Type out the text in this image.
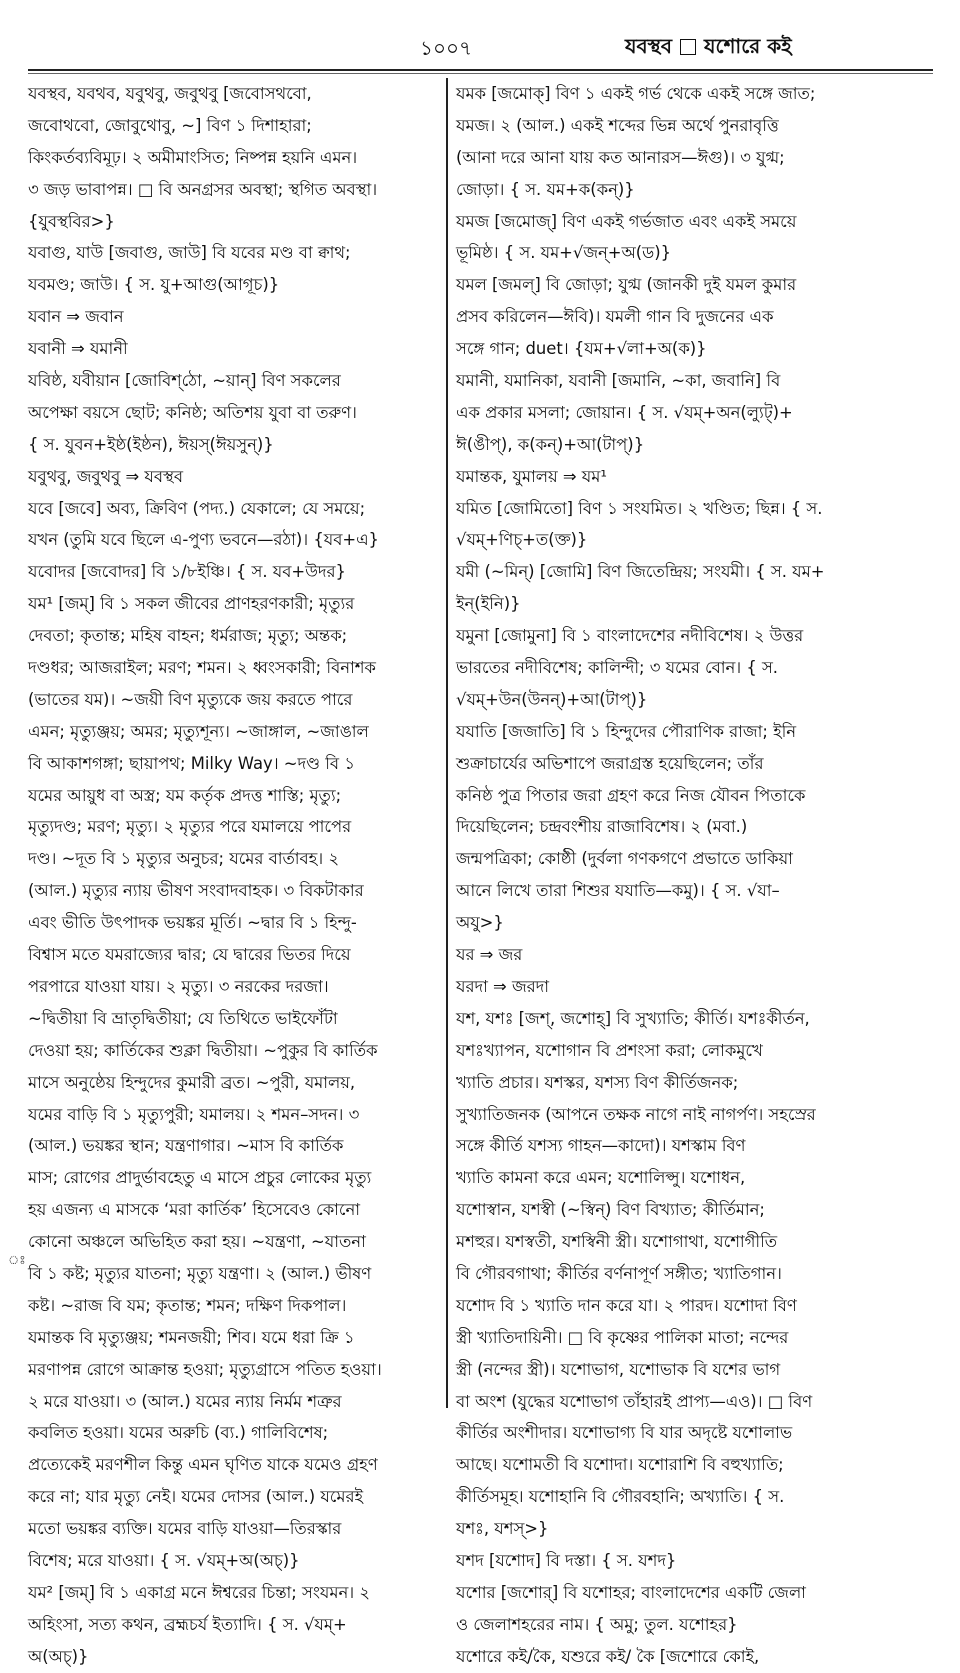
১০০৭	যবস্থব যশোরে কই
যবস্থব, যবথব, যবুথবু, জবুথবু [জবোসথবো,
জবোথবো, জোবুথোবু, ~] বিণ ১ দিশাহারা;
কিংকর্তব্যবিমূঢ়। ২ অমীমাংসিত; নিষ্পন্ন হয়নি এমন।
৩ জড় ভাবাপন্ন। □ বি অনগ্রসর অবস্থা; স্থগিত অবস্থা।
{যুবস্থবির>}
যবাগু, যাউ [জবাগু, জাউ] বি যবের মণ্ড বা ক্বাথ;
যবমণ্ড; জাউ। { স. যু+আগু(আগূচ)}
যবান ⇒ জবান
যবানী ⇒ যমানী
যবিষ্ঠ, যবীয়ান [জোবিশ্‌ঠো, ~য়ান্‌] বিণ সকলের
অপেক্ষা বয়সে ছোট; কনিষ্ঠ; অতিশয় যুবা বা তরুণ।
{ স. যুবন+ইষ্ঠ(ইষ্ঠন), ঈয়স্(ঈয়সুন্)}
যবুথবু, জবুথবু ⇒ যবস্থব
যবে [জবে] অব্য, ক্রিবিণ (পদ্য.) যেকালে; যে সময়ে;
যখন (তুমি যবে ছিলে এ-পুণ্য ভবনে—রঠা)। {যব+এ}
যবোদর [জবোদর] বি ১/৮ইঞ্চি। { স. যব+উদর}
যম¹ [জম্‌] বি ১ সকল জীবের প্রাণহরণকারী; মৃত্যুর
দেবতা; কৃতান্ত; মহিষ বাহন; ধর্মরাজ; মৃত্যু; অন্তক;
দণ্ডধর; আজরাইল; মরণ; শমন। ২ ধ্বংসকারী; বিনাশক
(ভাতের যম)। ~জয়ী বিণ মৃত্যুকে জয় করতে পারে
এমন; মৃত্যুঞ্জয়; অমর; মৃত্যুশূন্য। ~জাঙ্গাল, ~জাঙাল
বি আকাশগঙ্গা; ছায়াপথ; Milky Way। ~দণ্ড বি ১
যমের আয়ুধ বা অস্ত্র; যম কর্তৃক প্রদত্ত শাস্তি; মৃত্যু;
মৃত্যুদণ্ড; মরণ; মৃত্যু। ২ মৃত্যুর পরে যমালয়ে পাপের
দণ্ড। ~দূত বি ১ মৃত্যুর অনুচর; যমের বার্তাবহ। ২
(আল.) মৃত্যুর ন্যায় ভীষণ সংবাদবাহক। ৩ বিকটাকার
এবং ভীতি উৎপাদক ভয়ঙ্কর মূর্তি। ~দ্বার বি ১ হিন্দু-
বিশ্বাস মতে যমরাজ্যের দ্বার; যে দ্বারের ভিতর দিয়ে
পরপারে যাওয়া যায়। ২ মৃত্যু। ৩ নরকের দরজা।
~দ্বিতীয়া বি ভ্রাতৃদ্বিতীয়া; যে তিথিতে ভাইফোঁটা
দেওয়া হয়; কার্তিকের শুক্লা দ্বিতীয়া। ~পুকুর বি কার্তিক
মাসে অনুষ্ঠেয় হিন্দুদের কুমারী ব্রত। ~পুরী, যমালয়,
যমের বাড়ি বি ১ মৃত্যুপুরী; যমালয়। ২ শমন–সদন। ৩
(আল.) ভয়ঙ্কর স্থান; যন্ত্রণাগার। ~মাস বি কার্তিক
মাস; রোগের প্রাদুর্ভাবহেতু এ মাসে প্রচুর লোকের মৃত্যু
হয় এজন্য এ মাসকে ‘মরা কার্তিক’ হিসেবেও কোনো
কোনো অঞ্চলে অভিহিত করা হয়। ~যন্ত্রণা, ~যাতনা
বি ১ কষ্ট; মৃত্যুর যাতনা; মৃত্যু যন্ত্রণা। ২ (আল.) ভীষণ
কষ্ট। ~রাজ বি যম; কৃতান্ত; শমন; দক্ষিণ দিকপাল।
যমান্তক বি মৃত্যুঞ্জয়; শমনজয়ী; শিব। যমে ধরা ক্রি ১
মরণাপন্ন রোগে আক্রান্ত হওয়া; মৃত্যুগ্রাসে পতিত হওয়া।
২ মরে যাওয়া। ৩ (আল.) যমের ন্যায় নির্মম শত্রুর
কবলিত হওয়া। যমের অরুচি (ব্য.) গালিবিশেষ;
প্রত্যেকেই মরণশীল কিন্তু এমন ঘৃণিত যাকে যমেও গ্রহণ
করে না; যার মৃত্যু নেই। যমের দোসর (আল.) যমেরই
মতো ভয়ঙ্কর ব্যক্তি। যমের বাড়ি যাওয়া—তিরস্কার
বিশেষ; মরে যাওয়া। { স. √যম্‌+অ(অচ্‌)}
যম² [জম্‌] বি ১ একাগ্র মনে ঈশ্বরের চিন্তা; সংযমন। ২
অহিংসা, সত্য কথন, ব্রহ্মচর্য ইত্যাদি। { স. √যম্‌+
অ(অচ্‌)}
যমক [জমোক্‌] বিণ ১ একই গর্ভ থেকে একই সঙ্গে জাত;
যমজ। ২ (আল.) একই শব্দের ভিন্ন অর্থে পুনরাবৃত্তি
(আনা দরে আনা যায় কত আনারস—ঈগু)। ৩ যুগ্ম;
জোড়া। { স. যম+ক(কন্‌)}
যমজ [জমোজ্‌] বিণ একই গর্ভজাত এবং একই সময়ে
ভূমিষ্ঠ। { স. যম+√জন্‌+অ(ড)}
যমল [জমল্‌] বি জোড়া; যুগ্ম (জানকী দুই যমল কুমার
প্রসব করিলেন—ঈবি)। যমলী গান বি দুজনের এক
সঙ্গে গান; duet। {যম+√লা+অ(ক)}
যমানী, যমানিকা, যবানী [জমানি, ~কা, জবানি] বি
এক প্রকার মসলা; জোয়ান। { স. √যম্‌+অন(ল্যুট্‌)+
ঈ(ঙীপ্‌), ক(কন্‌)+আ(টাপ্‌)}
যমান্তক, যুমালয় ⇒ যম¹
যমিত [জোমিতো] বিণ ১ সংযমিত। ২ খণ্ডিত; ছিন্ন। { স.
√যম্‌+ণিচ্‌+ত(ক্ত)}
যমী (~মিন্‌) [জোমি] বিণ জিতেন্দ্রিয়; সংযমী। { স. যম+
ইন্‌(ইনি)}
যমুনা [জোমুনা] বি ১ বাংলাদেশের নদীবিশেষ। ২ উত্তর
ভারতের নদীবিশেষ; কালিন্দী; ৩ যমের বোন। { স.
√যম্‌+উন(উনন্‌)+আ(টাপ্‌)}
যযাতি [জজাতি] বি ১ হিন্দুদের পৌরাণিক রাজা; ইনি
শুক্রাচার্যের অভিশাপে জরাগ্রস্ত হয়েছিলেন; তাঁর
কনিষ্ঠ পুত্র পিতার জরা গ্রহণ করে নিজ যৌবন পিতাকে
দিয়েছিলেন; চন্দ্রবংশীয় রাজাবিশেষ। ২ (মবা.)
জন্মপত্রিকা; কোষ্ঠী (দুর্বলা গণকগণে প্রভাতে ডাকিয়া
আনে লিখে তারা শিশুর যযাতি—কমু)। { স. √যা–
অযু>}
যর ⇒ জর
যরদা ⇒ জরদা
যশ, যশঃ [জশ্‌, জশোহ্‌] বি সুখ্যাতি; কীর্তি। যশঃকীর্তন,
যশঃখ্যাপন, যশোগান বি প্রশংসা করা; লোকমুখে
খ্যাতি প্রচার। যশস্কর, যশস্য বিণ কীর্তিজনক;
সুখ্যাতিজনক (আপনে তক্ষক নাগে নাই নাগর্পণ। সহস্রের
সঙ্গে কীর্তি যশস্য গাহন—কাদো)। যশস্কাম বিণ
খ্যাতি কামনা করে এমন; যশোলিপ্সু। যশোধন,
যশোস্বান, যশস্বী (~স্বিন্‌) বিণ বিখ্যাত; কীর্তিমান;
মশহুর। যশস্বতী, যশস্বিনী স্ত্রী। যশোগাথা, যশোগীতি
বি গৌরবগাথা; কীর্তির বর্ণনাপূর্ণ সঙ্গীত; খ্যাতিগান।
যশোদ বি ১ খ্যাতি দান করে যা। ২ পারদ। যশোদা বিণ
স্ত্রী খ্যাতিদায়িনী। □ বি কৃষ্ণের পালিকা মাতা; নন্দের
স্ত্রী (নন্দের স্ত্রী)। যশোভাগ, যশোভাক বি যশের ভাগ
বা অংশ (যুদ্ধের যশোভাগ তাঁহারই প্রাপ্য—এও)। □ বিণ
কীর্তির অংশীদার। যশোভাগ্য বি যার অদৃষ্টে যশোলাভ
আছে। যশোমতী বি যশোদা। যশোরাশি বি বহুখ্যাতি;
কীর্তিসমূহ। যশোহানি বি গৌরবহানি; অখ্যাতি। { স.
যশঃ, যশস্‌>}
যশদ [যশোদ] বি দস্তা। { স. যশদ}
যশোর [জশোর্‌] বি যশোহর; বাংলাদেশের একটি জেলা
ও জেলাশহরের নাম। { অমু; তুল. যশোহর}
যশোরে কই/কৈ, যশুরে কই/ কৈ [জশোরে কোই,
ঃ
